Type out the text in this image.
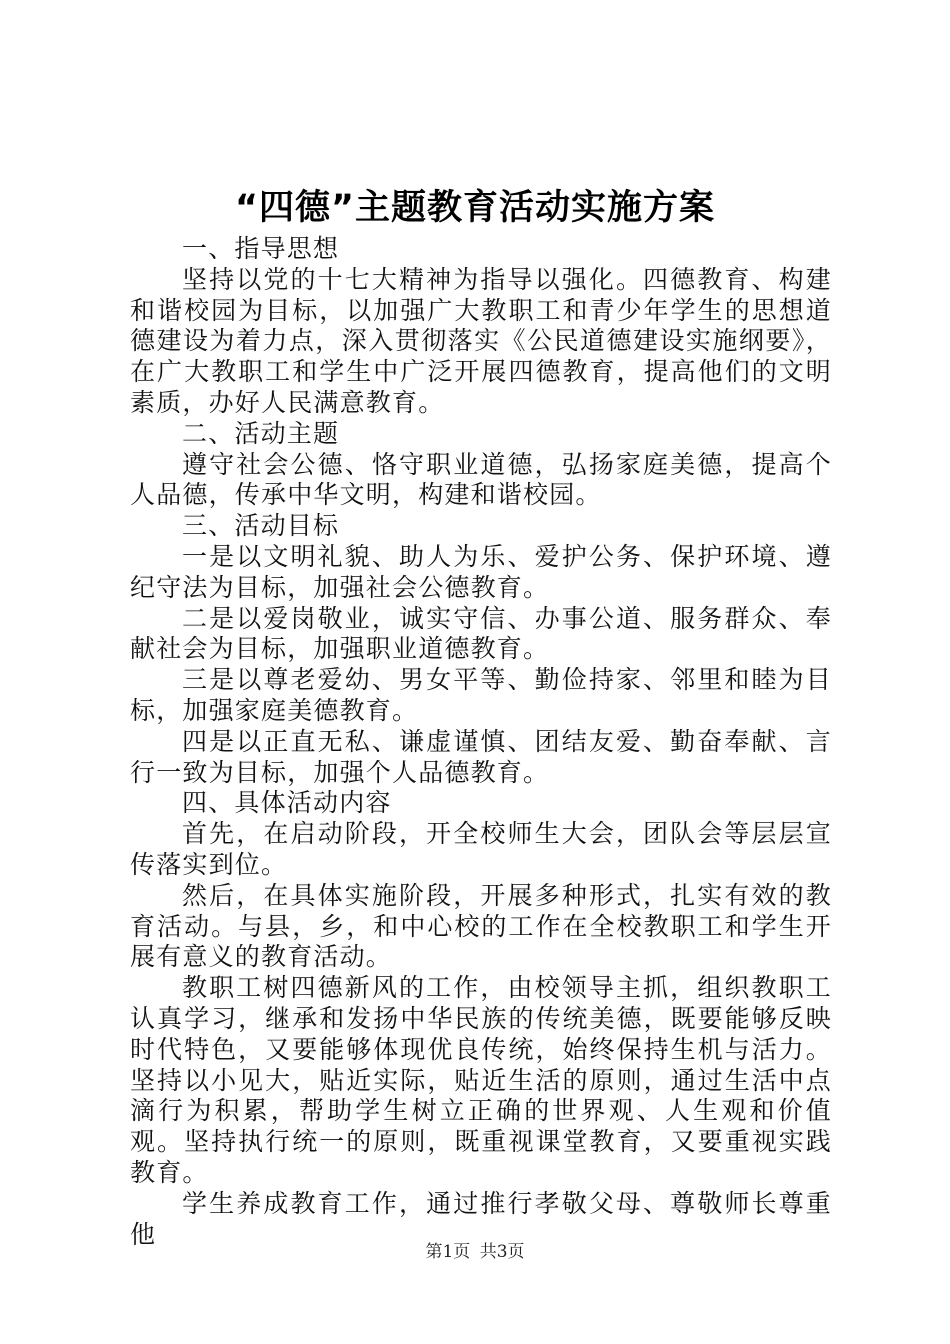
“四德”主题教育活动实施方案

一、指导思想

坚持以党的十七大精神为指导以强化。四德教育、构建和谐校园为目标，以加强广大教职工和青少年学生的思想道德建设为着力点，深入贯彻落实《公民道德建设实施纲要》，在广大教职工和学生中广泛开展四德教育，提高他们的文明素质，办好人民满意教育。

二、活动主题

遵守社会公德、恪守职业道德，弘扬家庭美德，提高个人品德，传承中华文明，构建和谐校园。

三、活动目标

一是以文明礼貌、助人为乐、爱护公务、保护环境、遵纪守法为目标，加强社会公德教育。

二是以爱岗敬业，诚实守信、办事公道、服务群众、奉献社会为目标，加强职业道德教育。

三是以尊老爱幼、男女平等、勤俭持家、邻里和睦为目标，加强家庭美德教育。

四是以正直无私、谦虚谨慎、团结友爱、勤奋奉献、言行一致为目标，加强个人品德教育。

四、具体活动内容

首先，在启动阶段，开全校师生大会，团队会等层层宣传落实到位。

然后，在具体实施阶段，开展多种形式，扎实有效的教育活动。与县，乡，和中心校的工作在全校教职工和学生开展有意义的教育活动。

教职工树四德新风的工作，由校领导主抓，组织教职工认真学习，继承和发扬中华民族的传统美德，既要能够反映时代特色，又要能够体现优良传统，始终保持生机与活力。坚持以小见大，贴近实际，贴近生活的原则，通过生活中点滴行为积累，帮助学生树立正确的世界观、人生观和价值观。坚持执行统一的原则，既重视课堂教育，又要重视实践教育。

学生养成教育工作，通过推行孝敬父母、尊敬师长尊重他

第1页 共3页
